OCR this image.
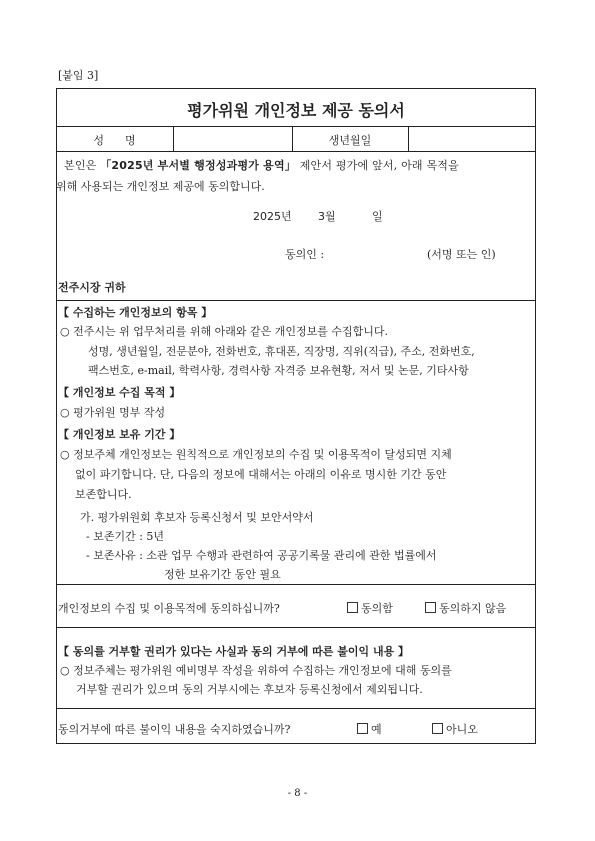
[붙임 3]
평가위원 개인정보 제공 동의서
성      명	생년월일
본인은 「2025년 부서별 행정성과평가 용역」 제안서 평가에 앞서, 아래 목적을
위해 사용되는 개인정보 제공에 동의합니다.
2025년 3월	일
동의인 :	(서명 또는 인)
전주시장 귀하
【 수집하는 개인정보의 항목 】
○ 전주시는 위 업무처리를 위해 아래와 같은 개인정보를 수집합니다.
성명, 생년월일, 전문분야, 전화번호, 휴대폰, 직장명, 직위(직급), 주소, 전화번호,
팩스번호, e-mail, 학력사항, 경력사항 자격증 보유현황, 저서 및 논문, 기타사항
【 개인정보 수집 목적 】
○ 평가위원 명부 작성
【 개인정보 보유 기간 】
○ 정보주체 개인정보는 원칙적으로 개인정보의 수집 및 이용목적이 달성되면 지체
없이 파기합니다. 단, 다음의 정보에 대해서는 아래의 이유로 명시한 기간 동안
보존합니다.
가. 평가위원회 후보자 등록신청서 및 보안서약서
- 보존기간 : 5년
- 보존사유 : 소관 업무 수행과 관련하여 공공기록물 관리에 관한 법률에서
정한 보유기간 동안 필요
개인정보의 수집 및 이용목적에 동의하십니까?	동의함	동의하지 않음
【 동의를 거부할 권리가 있다는 사실과 동의 거부에 따른 불이익 내용 】
○ 정보주체는 평가위원 예비명부 작성을 위하여 수집하는 개인정보에 대해 동의를
거부할 권리가 있으며 동의 거부시에는 후보자 등록신청에서 제외됩니다.
동의거부에 따른 불이익 내용을 숙지하였습니까?	예	아니오
- 8 -
